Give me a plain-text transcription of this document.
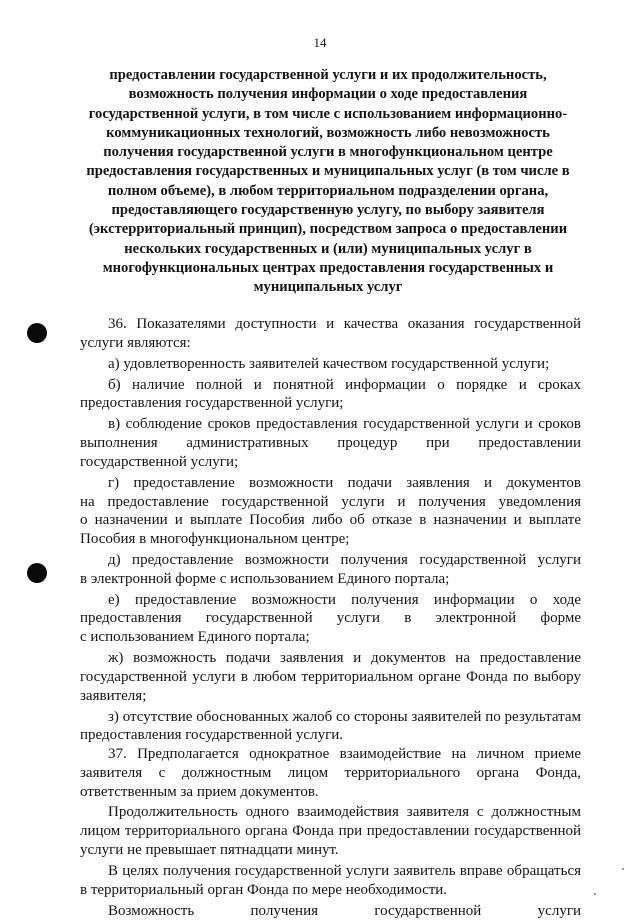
14
предоставлении государственной услуги и их продолжительность,
возможность получения информации о ходе предоставления
государственной услуги, в том числе с использованием информационно-
коммуникационных технологий, возможность либо невозможность
получения государственной услуги в многофункциональном центре
предоставления государственных и муниципальных услуг (в том числе в
полном объеме), в любом территориальном подразделении органа,
предоставляющего государственную услугу, по выбору заявителя
(экстерриториальный принцип), посредством запроса о предоставлении
нескольких государственных и (или) муниципальных услуг в
многофункциональных центрах предоставления государственных и
муниципальных услуг
36. Показателями доступности и качества оказания государственной
услуги являются:
а) удовлетворенность заявителей качеством государственной услуги;
б) наличие полной и понятной информации о порядке и сроках
предоставления государственной услуги;
в) соблюдение сроков предоставления государственной услуги и сроков
выполнения административных процедур при предоставлении
государственной услуги;
г) предоставление возможности подачи заявления и документов
на предоставление государственной услуги и получения уведомления
о назначении и выплате Пособия либо об отказе в назначении и выплате
Пособия в многофункциональном центре;
д) предоставление возможности получения государственной услуги
в электронной форме с использованием Единого портала;
е) предоставление возможности получения информации о ходе
предоставления государственной услуги в электронной форме
с использованием Единого портала;
ж) возможность подачи заявления и документов на предоставление
государственной услуги в любом территориальном органе Фонда по выбору
заявителя;
з) отсутствие обоснованных жалоб со стороны заявителей по результатам
предоставления государственной услуги.
37. Предполагается однократное взаимодействие на личном приеме
заявителя с должностным лицом территориального органа Фонда,
ответственным за прием документов.
Продолжительность одного взаимодействия заявителя с должностным
лицом территориального органа Фонда при предоставлении государственной
услуги не превышает пятнадцати минут.
В целях получения государственной услуги заявитель вправе обращаться
в территориальный орган Фонда по мере необходимости.
Возможность получения государственной услуги
